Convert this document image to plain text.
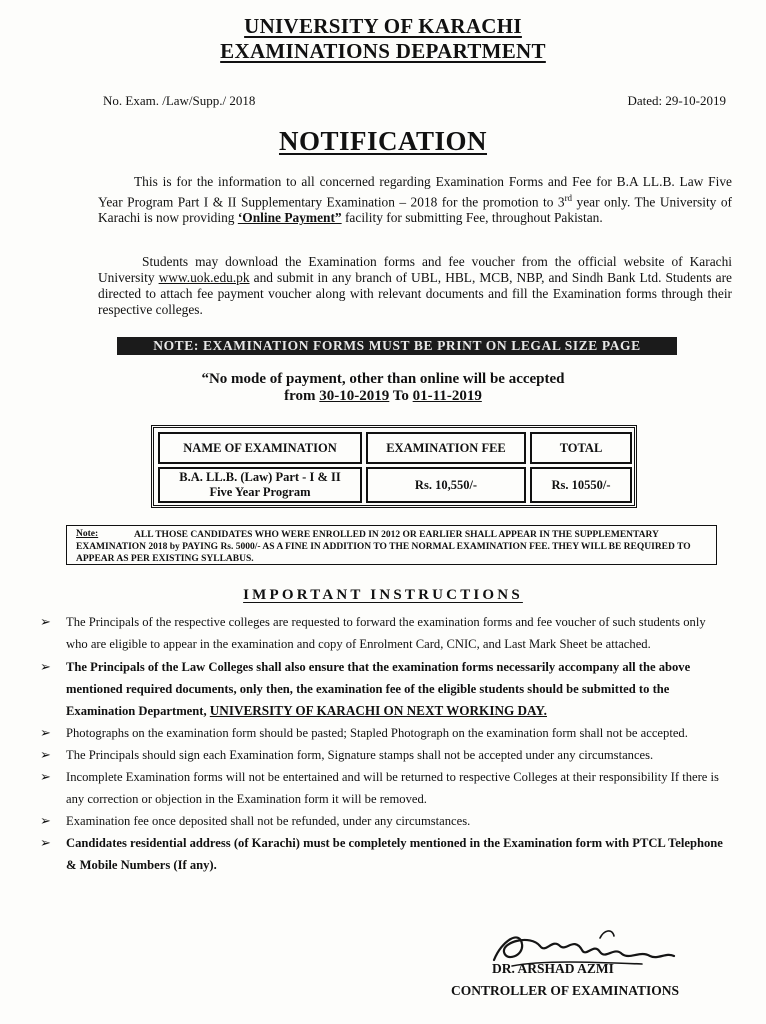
UNIVERSITY OF KARACHI
EXAMINATIONS DEPARTMENT
No. Exam. /Law/Supp./ 2018	Dated: 29-10-2019
NOTIFICATION
This is for the information to all concerned regarding Examination Forms and Fee for B.A LL.B. Law Five Year Program Part I & II Supplementary Examination – 2018 for the promotion to 3rd year only. The University of Karachi is now providing ‘Online Payment” facility for submitting Fee, throughout Pakistan.
Students may download the Examination forms and fee voucher from the official website of Karachi University www.uok.edu.pk and submit in any branch of UBL, HBL, MCB, NBP, and Sindh Bank Ltd. Students are directed to attach fee payment voucher along with relevant documents and fill the Examination forms through their respective colleges.
NOTE: EXAMINATION FORMS MUST BE PRINT ON LEGAL SIZE PAGE
“No mode of payment, other than online will be accepted
from 30-10-2019 To 01-11-2019
NAME OF EXAMINATION	EXAMINATION FEE	TOTAL
B.A. LL.B. (Law) Part - I & II
Five Year Program
Rs. 10,550/-	Rs. 10550/-
Note:	ALL THOSE CANDIDATES WHO WERE ENROLLED IN 2012 OR EARLIER SHALL APPEAR IN THE SUPPLEMENTARY EXAMINATION 2018 by PAYING Rs. 5000/- AS A FINE IN ADDITION TO THE NORMAL EXAMINATION FEE. THEY WILL BE REQUIRED TO APPEAR AS PER EXISTING SYLLABUS.
IMPORTANT INSTRUCTIONS
➢	The Principals of the respective colleges are requested to forward the examination forms and fee voucher of such students only who are eligible to appear in the examination and copy of Enrolment Card, CNIC, and Last Mark Sheet be attached.
➢	The Principals of the Law Colleges shall also ensure that the examination forms necessarily accompany all the above mentioned required documents, only then, the examination fee of the eligible students should be submitted to the Examination Department, UNIVERSITY OF KARACHI ON NEXT WORKING DAY.
➢	Photographs on the examination form should be pasted; Stapled Photograph on the examination form shall not be accepted.
➢	The Principals should sign each Examination form, Signature stamps shall not be accepted under any circumstances.
➢	Incomplete Examination forms will not be entertained and will be returned to respective Colleges at their responsibility If there is any correction or objection in the Examination form it will be removed.
➢	Examination fee once deposited shall not be refunded, under any circumstances.
➢	Candidates residential address (of Karachi) must be completely mentioned in the Examination form with PTCL Telephone & Mobile Numbers (If any).
DR. ARSHAD AZMI
CONTROLLER OF EXAMINATIONS
